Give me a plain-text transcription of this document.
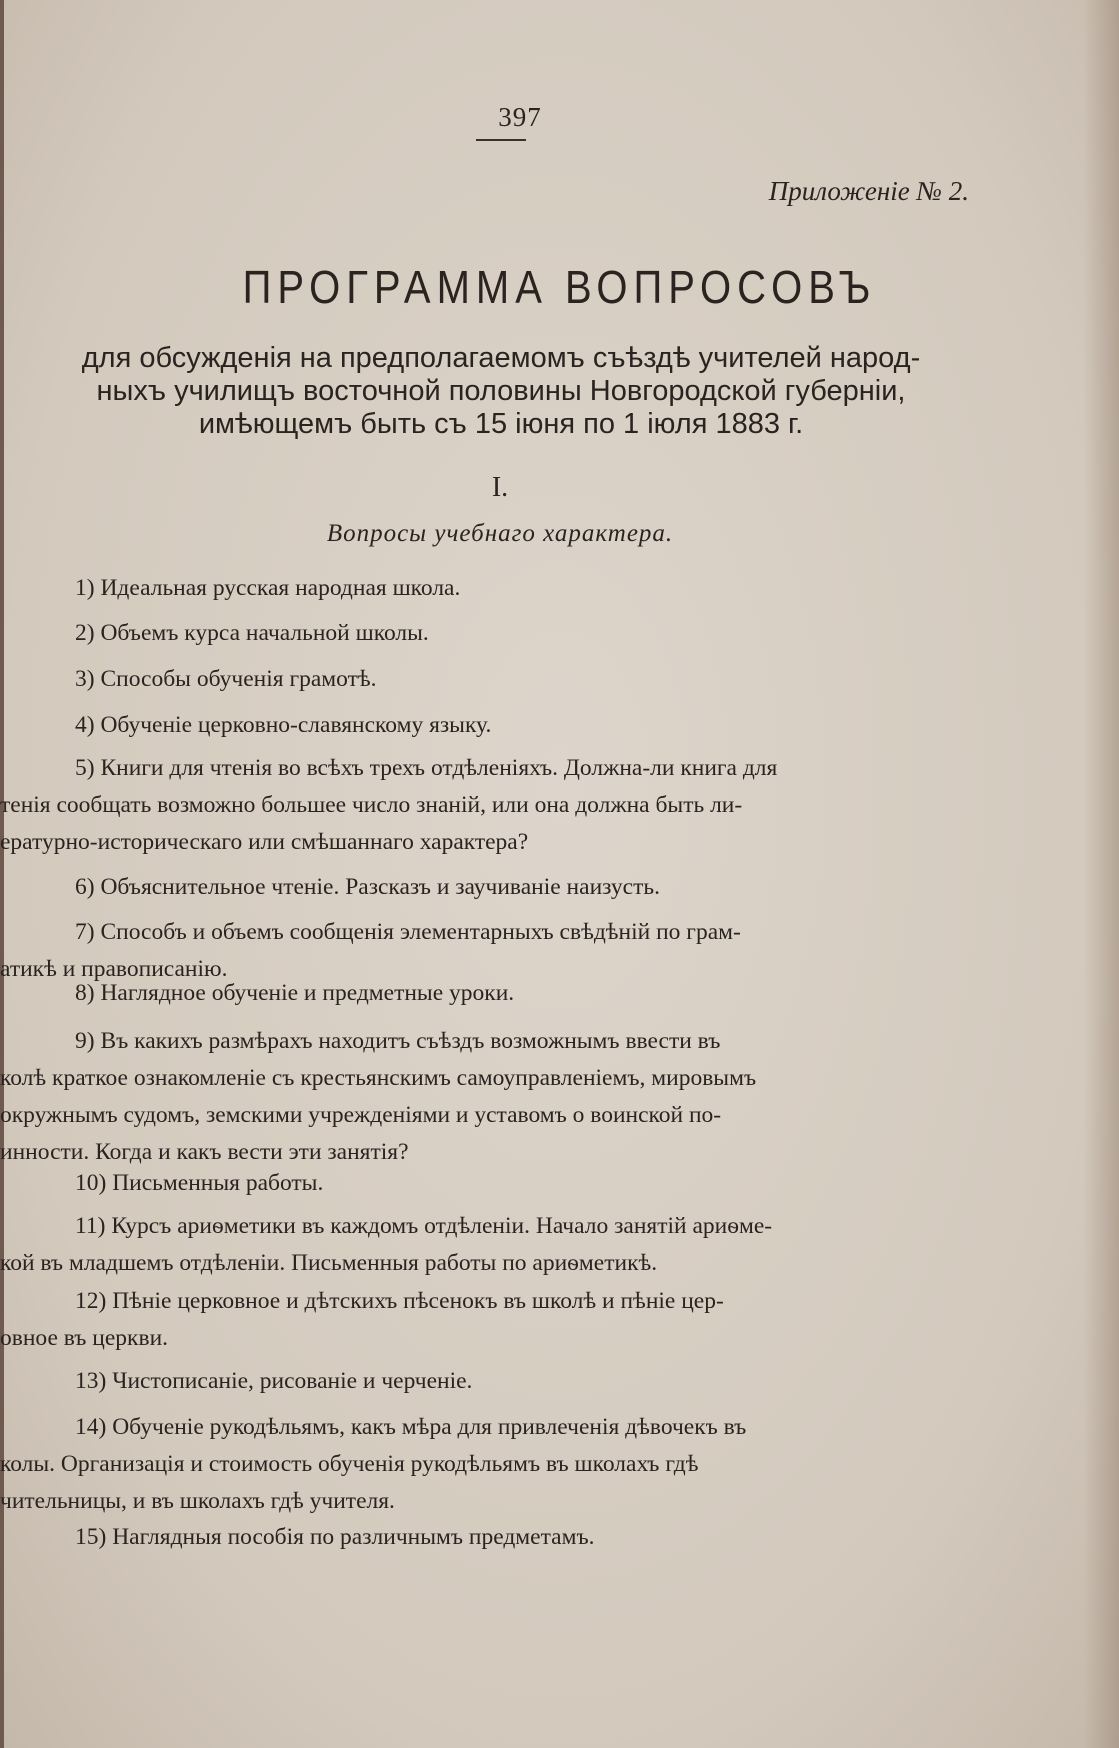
397
Приложенiе № 2.
ПРОГРАММА ВОПРОСОВЪ
для обсужденiя на предполагаемомъ съѣздѣ учителей народ-
ныхъ училищъ восточной половины Новгородской губернiи,
имѣющемъ быть съ 15 iюня по 1 iюля 1883 г.
I.
Вопросы учебнаго характера.
1) Идеальная русская народная школа.
2) Объемъ курса начальной школы.
3) Способы обученiя грамотѣ.
4) Обученiе церковно-славянскому языку.
5) Книги для чтенiя во всѣхъ трехъ отдѣленiяхъ. Должна-ли книга для
тенiя сообщать возможно большее число знанiй, или она должна быть ли-
ературно-историческаго или смѣшаннаго характера?
6) Объяснительное чтенiе. Разсказъ и заучиванiе наизусть.
7) Способъ и объемъ сообщенiя элементарныхъ свѣдѣнiй по грам-
атикѣ и правописанiю.
8) Наглядное обученiе и предметные уроки.
9) Въ какихъ размѣрахъ находитъ съѣздъ возможнымъ ввести въ
колѣ краткое ознакомленiе съ крестьянскимъ самоуправленiемъ, мировымъ
окружнымъ судомъ, земскими учрежденiями и уставомъ о воинской по-
инности. Когда и какъ вести эти занятiя?
10) Письменныя работы.
11) Курсъ ариѳметики въ каждомъ отдѣленiи. Начало занятiй ариѳме-
кой въ младшемъ отдѣленiи. Письменныя работы по ариѳметикѣ.
12) Пѣнiе церковное и дѣтскихъ пѣсенокъ въ школѣ и пѣнiе цер-
овное въ церкви.
13) Чистописанiе, рисованiе и черченiе.
14) Обученiе рукодѣльямъ, какъ мѣра для привлеченiя дѣвочекъ въ
колы. Организацiя и стоимость обученiя рукодѣльямъ въ школахъ гдѣ
чительницы, и въ школахъ гдѣ учителя.
15) Наглядныя пособiя по различнымъ предметамъ.
